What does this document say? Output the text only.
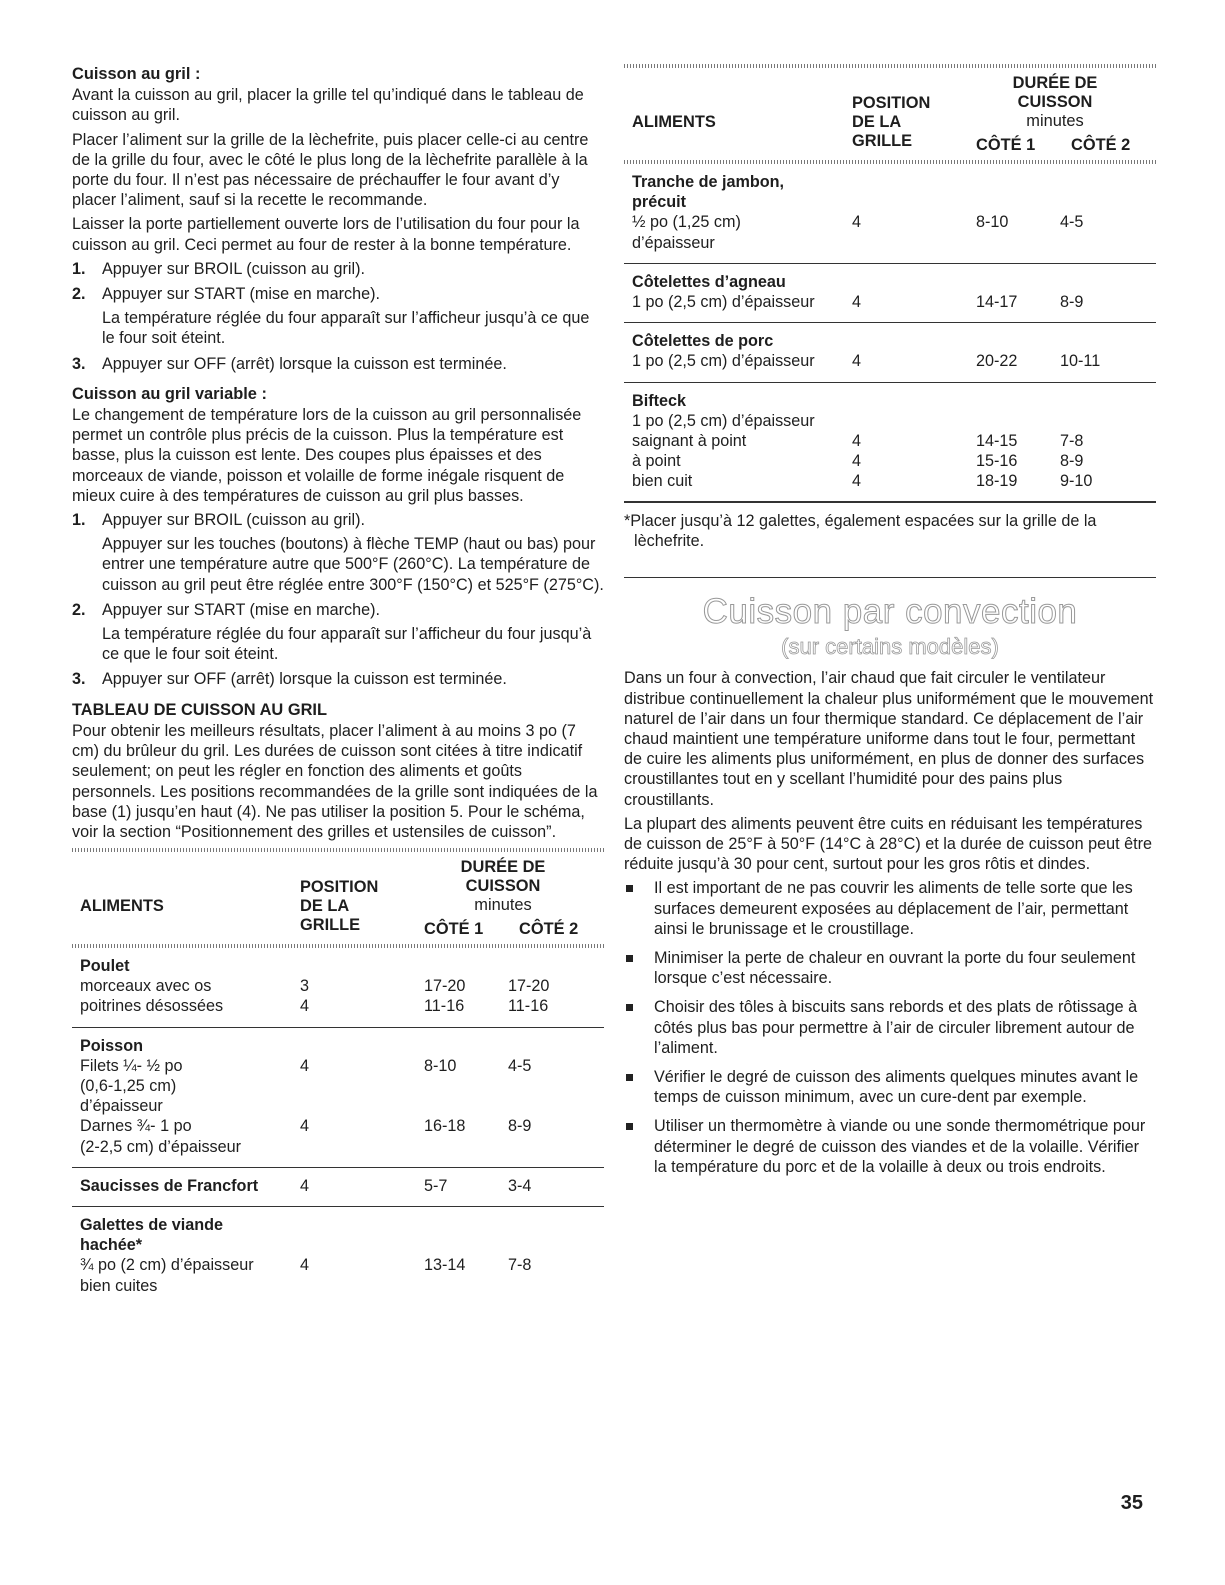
Cuisson au gril :

Avant la cuisson au gril, placer la grille tel qu’indiqué dans le tableau de cuisson au gril.

Placer l’aliment sur la grille de la lèchefrite, puis placer celle-ci au centre de la grille du four, avec le côté le plus long de la lèchefrite parallèle à la porte du four. Il n’est pas nécessaire de préchauffer le four avant d’y placer l’aliment, sauf si la recette le recommande.

Laisser la porte partiellement ouverte lors de l’utilisation du four pour la cuisson au gril. Ceci permet au four de rester à la bonne température.

1. Appuyer sur BROIL (cuisson au gril).

2. Appuyer sur START (mise en marche).

La température réglée du four apparaît sur l’afficheur jusqu’à ce que le four soit éteint.

3. Appuyer sur OFF (arrêt) lorsque la cuisson est terminée.

Cuisson au gril variable :

Le changement de température lors de la cuisson au gril personnalisée permet un contrôle plus précis de la cuisson. Plus la température est basse, plus la cuisson est lente. Des coupes plus épaisses et des morceaux de viande, poisson et volaille de forme inégale risquent de mieux cuire à des températures de cuisson au gril plus basses.

1. Appuyer sur BROIL (cuisson au gril).

Appuyer sur les touches (boutons) à flèche TEMP (haut ou bas) pour entrer une température autre que 500°F (260°C). La température de cuisson au gril peut être réglée entre 300°F (150°C) et 525°F (275°C).

2. Appuyer sur START (mise en marche).

La température réglée du four apparaît sur l’afficheur du four jusqu’à ce que le four soit éteint.

3. Appuyer sur OFF (arrêt) lorsque la cuisson est terminée.

TABLEAU DE CUISSON AU GRIL

Pour obtenir les meilleurs résultats, placer l’aliment à au moins 3 po (7 cm) du brûleur du gril. Les durées de cuisson sont citées à titre indicatif seulement; on peut les régler en fonction des aliments et goûts personnels. Les positions recommandées de la grille sont indiquées de la base (1) jusqu’en haut (4). Ne pas utiliser la position 5. Pour le schéma, voir la section “Positionnement des grilles et ustensiles de cuisson”.

ALIMENTS
POSITION
DE LA
GRILLE
DURÉE DE
CUISSON
minutes
CÔTÉ 1 CÔTÉ 2
Poulet
morceaux avec os	3	17-20	17-20
poitrines désossées	4	11-16	11-16
Poisson
Filets ¼- ½ po	4	8-10	4-5
(0,6-1,25 cm)
d’épaisseur
Darnes ¾- 1 po	4	16-18	8-9
(2-2,5 cm) d’épaisseur
Saucisses de Francfort	4	5-7	3-4
Galettes de viande
hachée*
¾ po (2 cm) d’épaisseur	4	13-14	7-8
bien cuites
ALIMENTS
POSITION
DE LA
GRILLE
DURÉE DE
CUISSON
minutes
CÔTÉ 1 CÔTÉ 2
Tranche de jambon,
précuit
½ po (1,25 cm)	4	8-10	4-5
d’épaisseur
Côtelettes d’agneau
1 po (2,5 cm) d’épaisseur 4	14-17	8-9
Côtelettes de porc
1 po (2,5 cm) d’épaisseur 4	20-22	10-11
Bifteck
1 po (2,5 cm) d’épaisseur
saignant à point	4	14-15	7-8
à point	4	15-16	8-9
bien cuit	4	18-19	9-10

*Placer jusqu’à 12 galettes, également espacées sur la grille de la lèchefrite.

Cuisson par convection
(sur certains modèles)

Dans un four à convection, l’air chaud que fait circuler le ventilateur distribue continuellement la chaleur plus uniformément que le mouvement naturel de l’air dans un four thermique standard. Ce déplacement de l’air chaud maintient une température uniforme dans tout le four, permettant de cuire les aliments plus uniformément, en plus de donner des surfaces croustillantes tout en y scellant l’humidité pour des pains plus croustillants.

La plupart des aliments peuvent être cuits en réduisant les températures de cuisson de 25°F à 50°F (14°C à 28°C) et la durée de cuisson peut être réduite jusqu’à 30 pour cent, surtout pour les gros rôtis et dindes.

Il est important de ne pas couvrir les aliments de telle sorte que les surfaces demeurent exposées au déplacement de l’air, permettant ainsi le brunissage et le croustillage.
Minimiser la perte de chaleur en ouvrant la porte du four seulement lorsque c’est nécessaire.
Choisir des tôles à biscuits sans rebords et des plats de rôtissage à côtés plus bas pour permettre à l’air de circuler librement autour de l’aliment.
Vérifier le degré de cuisson des aliments quelques minutes avant le temps de cuisson minimum, avec un cure-dent par exemple.
Utiliser un thermomètre à viande ou une sonde thermométrique pour déterminer le degré de cuisson des viandes et de la volaille. Vérifier la température du porc et de la volaille à deux ou trois endroits.
35
